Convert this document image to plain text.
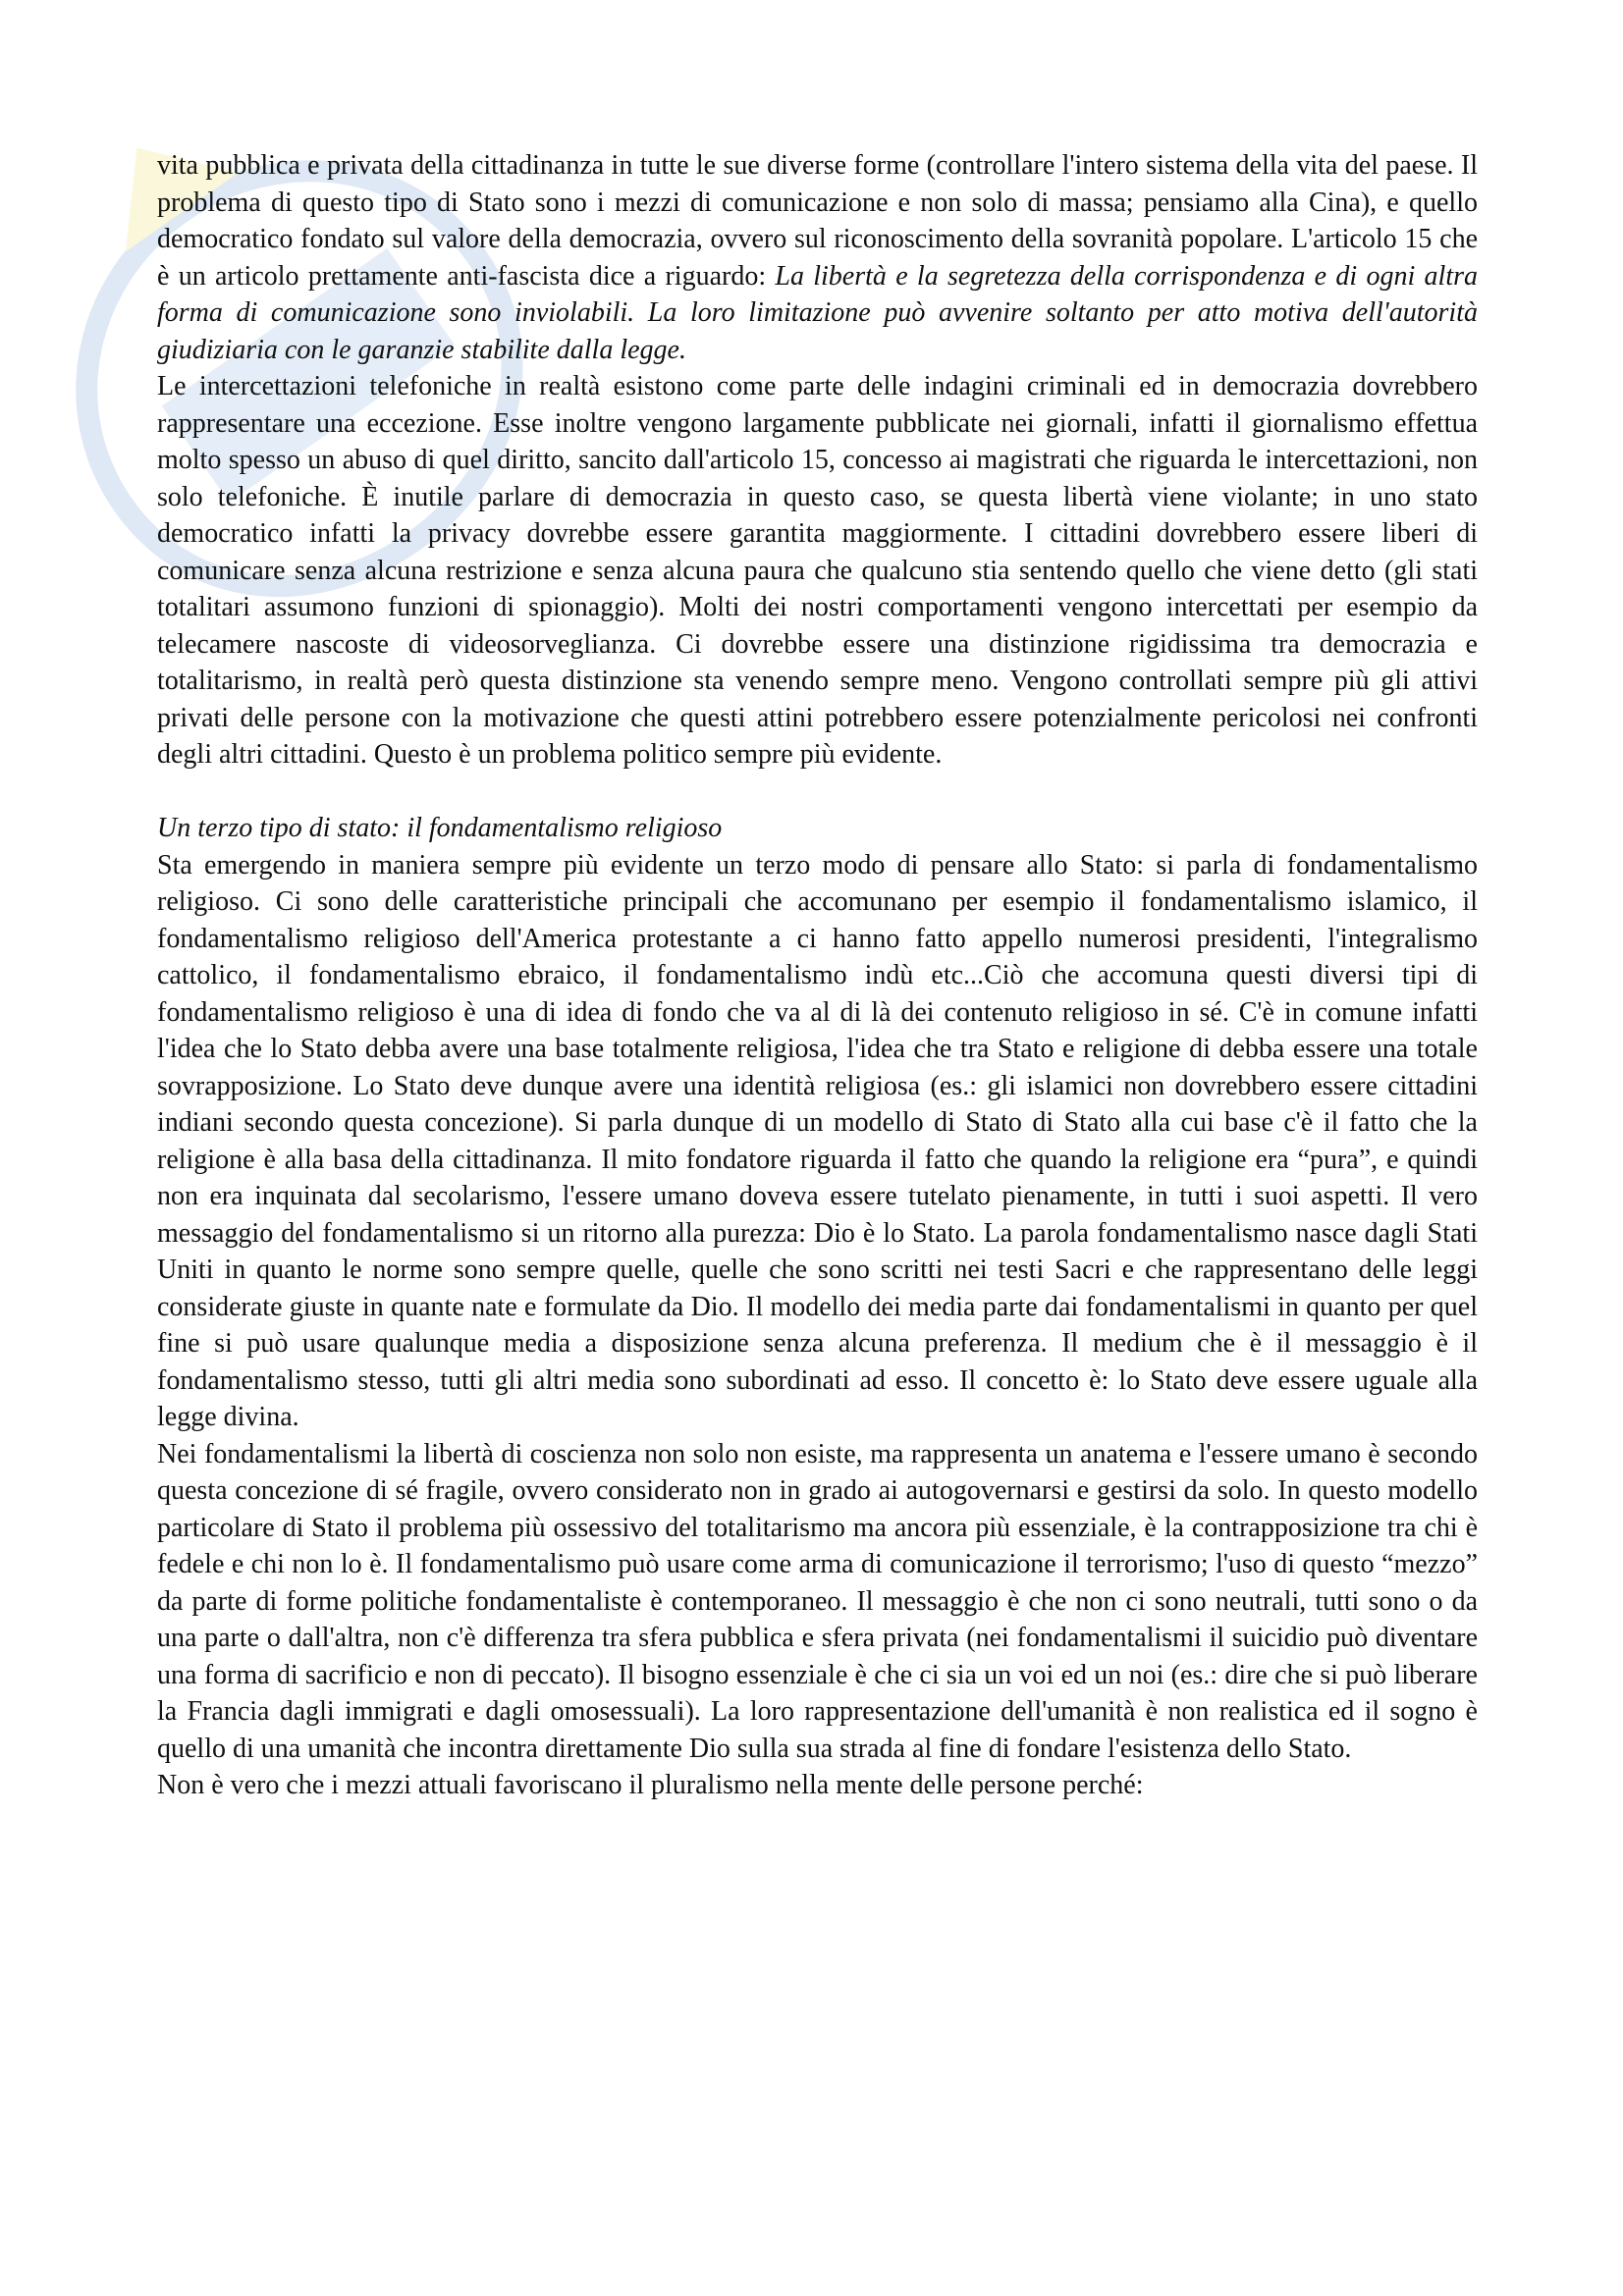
vita pubblica e privata della cittadinanza in tutte le sue diverse forme (controllare l'intero sistema della vita del paese. Il problema di questo tipo di Stato sono i mezzi di comunicazione e non solo di massa; pensiamo alla Cina), e quello democratico fondato sul valore della democrazia, ovvero sul riconoscimento della sovranità popolare. L'articolo 15 che è un articolo prettamente anti-fascista dice a riguardo: La libertà e la segretezza della corrispondenza e di ogni altra forma di comunicazione sono inviolabili. La loro limitazione può avvenire soltanto per atto motiva dell'autorità giudiziaria con le garanzie stabilite dalla legge.

Le intercettazioni telefoniche in realtà esistono come parte delle indagini criminali ed in democrazia dovrebbero rappresentare una eccezione. Esse inoltre vengono largamente pubblicate nei giornali, infatti il giornalismo effettua molto spesso un abuso di quel diritto, sancito dall'articolo 15, concesso ai magistrati che riguarda le intercettazioni, non solo telefoniche. È inutile parlare di democrazia in questo caso, se questa libertà viene violante; in uno stato democratico infatti la privacy dovrebbe essere garantita maggiormente. I cittadini dovrebbero essere liberi di comunicare senza alcuna restrizione e senza alcuna paura che qualcuno stia sentendo quello che viene detto (gli stati totalitari assumono funzioni di spionaggio). Molti dei nostri comportamenti vengono intercettati per esempio da telecamere nascoste di videosorveglianza. Ci dovrebbe essere una distinzione rigidissima tra democrazia e totalitarismo, in realtà però questa distinzione sta venendo sempre meno. Vengono controllati sempre più gli attivi privati delle persone con la motivazione che questi attini potrebbero essere potenzialmente pericolosi nei confronti degli altri cittadini. Questo è un problema politico sempre più evidente.

Un terzo tipo di stato: il fondamentalismo religioso

Sta emergendo in maniera sempre più evidente un terzo modo di pensare allo Stato: si parla di fondamentalismo religioso. Ci sono delle caratteristiche principali che accomunano per esempio il fondamentalismo islamico, il fondamentalismo religioso dell'America protestante a ci hanno fatto appello numerosi presidenti, l'integralismo cattolico, il fondamentalismo ebraico, il fondamentalismo indù etc...Ciò che accomuna questi diversi tipi di fondamentalismo religioso è una di idea di fondo che va al di là dei contenuto religioso in sé. C'è in comune infatti l'idea che lo Stato debba avere una base totalmente religiosa, l'idea che tra Stato e religione di debba essere una totale sovrapposizione. Lo Stato deve dunque avere una identità religiosa (es.: gli islamici non dovrebbero essere cittadini indiani secondo questa concezione). Si parla dunque di un modello di Stato di Stato alla cui base c'è il fatto che la religione è alla basa della cittadinanza. Il mito fondatore riguarda il fatto che quando la religione era “pura”, e quindi non era inquinata dal secolarismo, l'essere umano doveva essere tutelato pienamente, in tutti i suoi aspetti. Il vero messaggio del fondamentalismo si un ritorno alla purezza: Dio è lo Stato. La parola fondamentalismo nasce dagli Stati Uniti in quanto le norme sono sempre quelle, quelle che sono scritti nei testi Sacri e che rappresentano delle leggi considerate giuste in quante nate e formulate da Dio. Il modello dei media parte dai fondamentalismi in quanto per quel fine si può usare qualunque media a disposizione senza alcuna preferenza. Il medium che è il messaggio è il fondamentalismo stesso, tutti gli altri media sono subordinati ad esso. Il concetto è: lo Stato deve essere uguale alla legge divina.

Nei fondamentalismi la libertà di coscienza non solo non esiste, ma rappresenta un anatema e l'essere umano è secondo questa concezione di sé fragile, ovvero considerato non in grado ai autogovernarsi e gestirsi da solo. In questo modello particolare di Stato il problema più ossessivo del totalitarismo ma ancora più essenziale, è la contrapposizione tra chi è fedele e chi non lo è. Il fondamentalismo può usare come arma di comunicazione il terrorismo; l'uso di questo “mezzo” da parte di forme politiche fondamentaliste è contemporaneo. Il messaggio è che non ci sono neutrali, tutti sono o da una parte o dall'altra, non c'è differenza tra sfera pubblica e sfera privata (nei fondamentalismi il suicidio può diventare una forma di sacrificio e non di peccato). Il bisogno essenziale è che ci sia un voi ed un noi (es.: dire che si può liberare la Francia dagli immigrati e dagli omosessuali). La loro rappresentazione dell'umanità è non realistica ed il sogno è quello di una umanità che incontra direttamente Dio sulla sua strada al fine di fondare l'esistenza dello Stato.

Non è vero che i mezzi attuali favoriscano il pluralismo nella mente delle persone perché:
